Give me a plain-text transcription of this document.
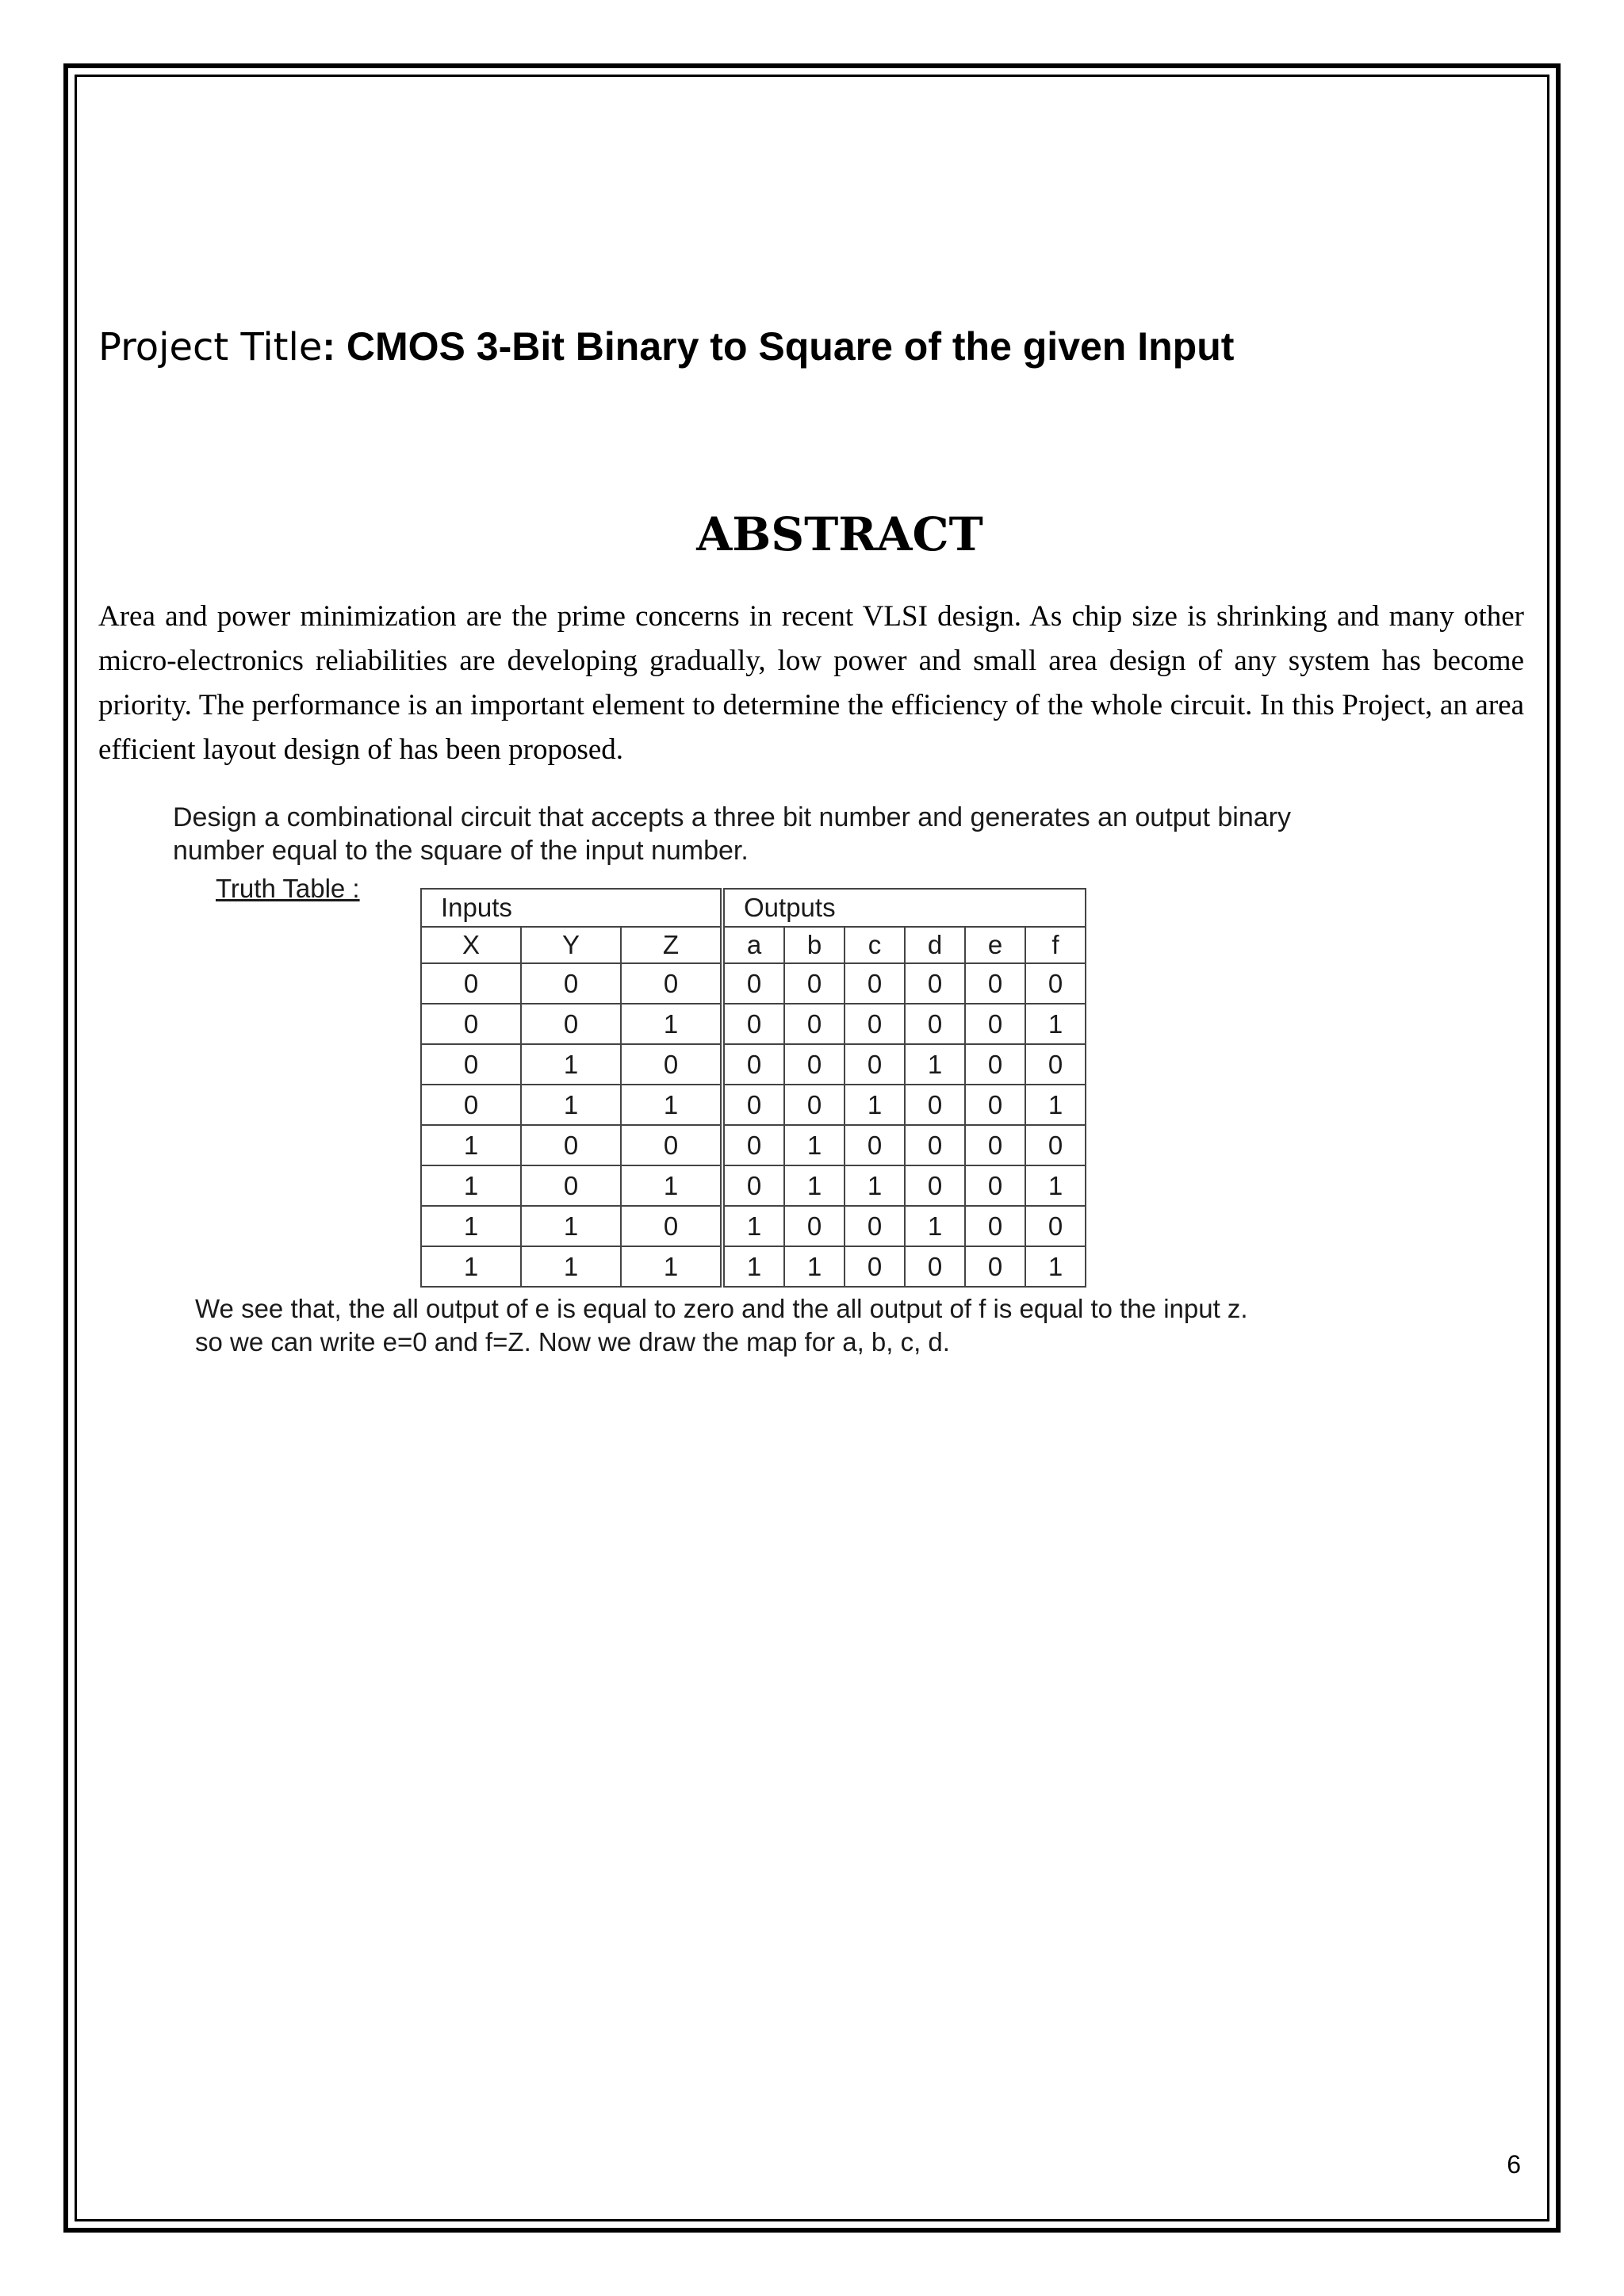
Project Title: CMOS 3-Bit Binary to Square of the given Input
ABSTRACT
Area and power minimization are the prime concerns in recent VLSI design. As chip size is shrinking and many other micro-electronics reliabilities are developing gradually, low power and small area design of any system has become priority. The performance is an important element to determine the efficiency of the whole circuit. In this Project, an area efficient layout design of has been proposed.
Design a combinational circuit that accepts a three bit number and generates an output binary
number equal to the square of the input number.
Truth Table :
Inputs			Outputs					
X	Y	Z	a	b	c	d	e	f
0	0	0	0	0	0	0	0	0
0	0	1	0	0	0	0	0	1
0	1	0	0	0	0	1	0	0
0	1	1	0	0	1	0	0	1
1	0	0	0	1	0	0	0	0
1	0	1	0	1	1	0	0	1
1	1	0	1	0	0	1	0	0
1	1	1	1	1	0	0	0	1
We see that, the all output of e is equal to zero and the all output of f is equal to the input z.
so we can write e=0 and f=Z. Now we draw the map for a, b, c, d.
6
